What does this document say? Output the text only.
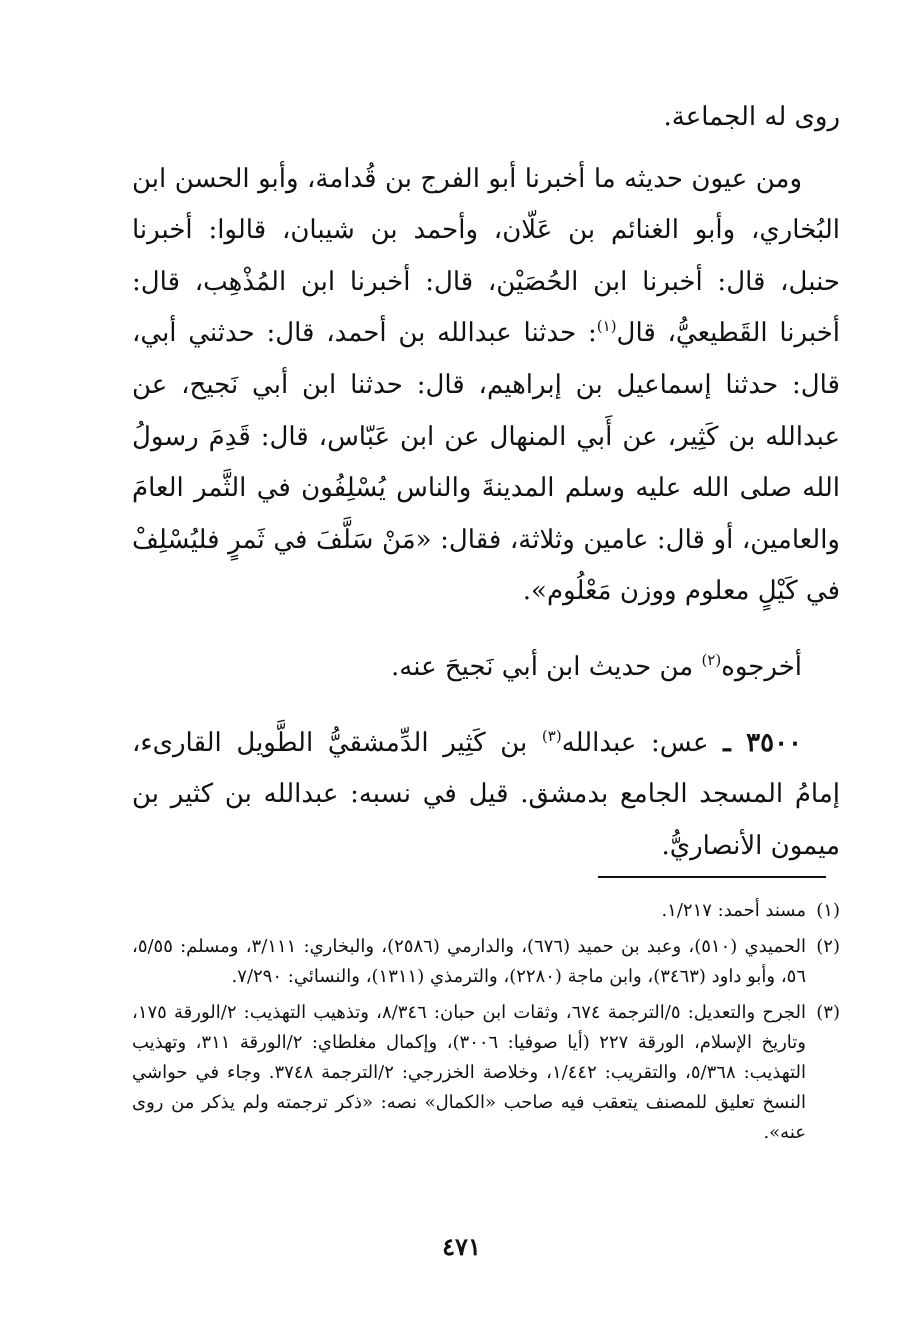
روى له الجماعة.

ومن عيون حديثه ما أخبرنا أبو الفرج بن قُدامة، وأبو الحسن ابن البُخاري، وأبو الغنائم بن عَلّان، وأحمد بن شيبان، قالوا: أخبرنا حنبل، قال: أخبرنا ابن الحُصَيْن، قال: أخبرنا ابن المُذْهِب، قال: أخبرنا القَطيعيُّ، قال$^{(١)}$: حدثنا عبدالله بن أحمد، قال: حدثني أبي، قال: حدثنا إسماعيل بن إبراهيم، قال: حدثنا ابن أبي نَجيح، عن عبدالله بن كَثِير، عن أَبي المنهال عن ابن عَبّاس، قال: قَدِمَ رسولُ الله صلى الله عليه وسلم المدينةَ والناس يُسْلِفُون في الثَّمر العامَ والعامين، أو قال: عامين وثلاثة، فقال: «مَنْ سَلَّفَ في ثَمرٍ فليُسْلِفْ في كَيْلٍ معلوم ووزن مَعْلُوم».

أخرجوه$^{(٢)}$ من حديث ابن أبي نَجيحَ عنه.

٣٥٠٠ ـ عس: عبدالله$^{(٣)}$ بن كَثِير الدِّمشقيُّ الطَّويل القارىء، إمامُ المسجد الجامع بدمشق. قيل في نسبه: عبدالله بن كثير بن ميمون الأنصاريُّ.

(١)
مسند أحمد: ١/٢١٧.

(٢)
الحميدي (٥١٠)، وعبد بن حميد (٦٧٦)، والدارمي (٢٥٨٦)، والبخاري: ٣/١١١، ومسلم: ٥/٥٥، ٥٦، وأبو داود (٣٤٦٣)، وابن ماجة (٢٢٨٠)، والترمذي (١٣١١)، والنسائي: ٧/٢٩٠.

(٣)
الجرح والتعديل: ٥/الترجمة ٦٧٤، وثقات ابن حبان: ٨/٣٤٦، وتذهيب التهذيب: ٢/الورقة ١٧٥، وتاريخ الإسلام، الورقة ٢٢٧ (أيا صوفيا: ٣٠٠٦)، وإكمال مغلطاي: ٢/الورقة ٣١١، وتهذيب التهذيب: ٥/٣٦٨، والتقريب: ١/٤٤٢، وخلاصة الخزرجي: ٢/الترجمة ٣٧٤٨. وجاء في حواشي النسخ تعليق للمصنف يتعقب فيه صاحب «الكمال» نصه: «ذكر ترجمته ولم يذكر من روى عنه».

٤٧١
